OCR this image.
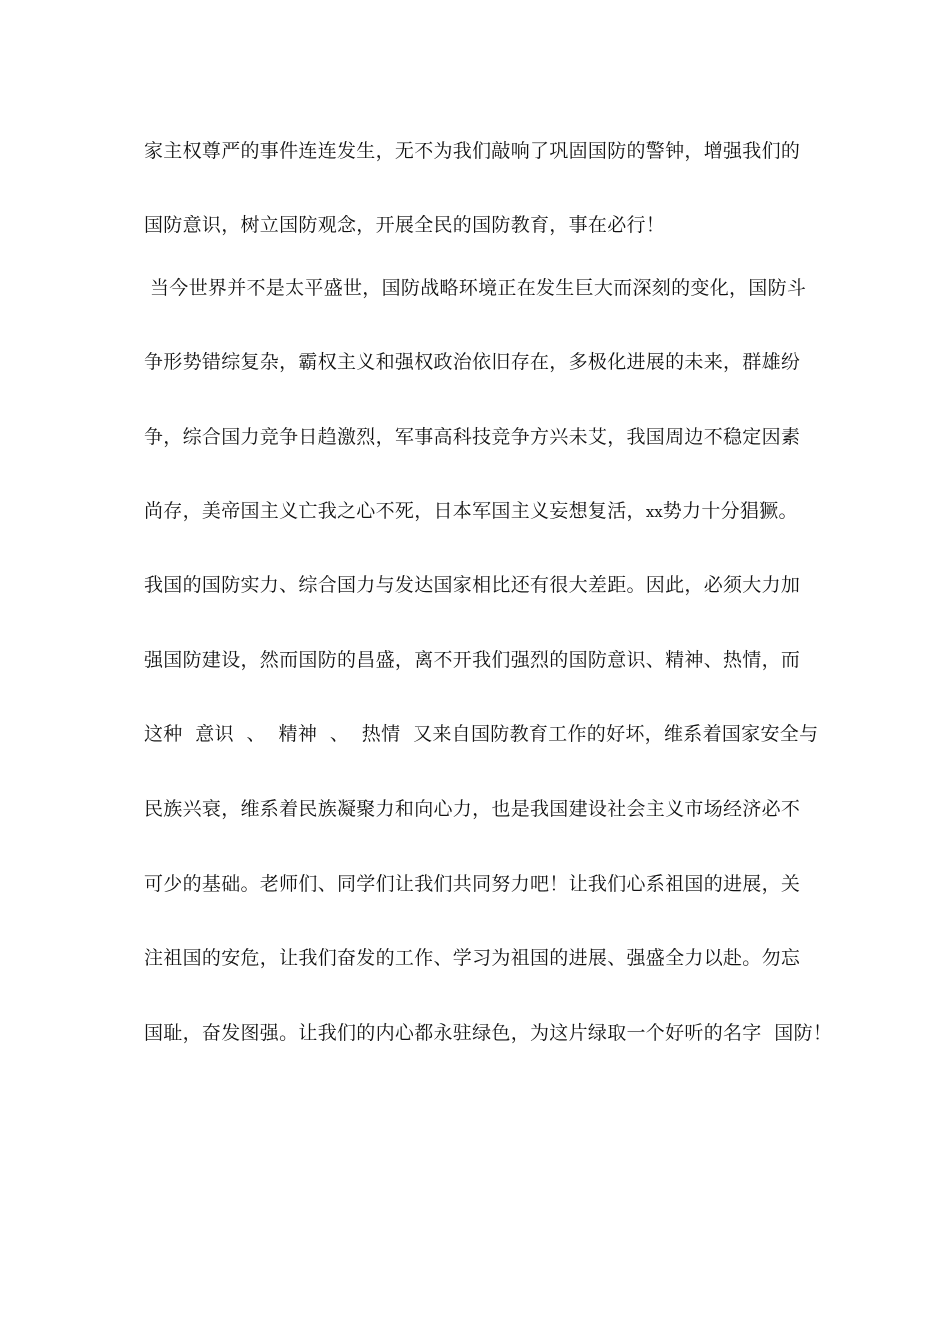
家主权尊严的事件连连发生，无不为我们敲响了巩固国防的警钟，增强我们的
国防意识，树立国防观念，开展全民的国防教育，事在必行！
当今世界并不是太平盛世，国防战略环境正在发生巨大而深刻的变化，国防斗
争形势错综复杂，霸权主义和强权政治依旧存在，多极化进展的未来，群雄纷
争，综合国力竞争日趋激烈，军事高科技竞争方兴未艾，我国周边不稳定因素
尚存，美帝国主义亡我之心不死，日本军国主义妄想复活，xx势力十分猖獗。
我国的国防实力、综合国力与发达国家相比还有很大差距。因此，必须大力加
强国防建设，然而国防的昌盛，离不开我们强烈的国防意识、精神、热情，而
这种  意识  、  精神  、  热情  又来自国防教育工作的好坏，维系着国家安全与
民族兴衰，维系着民族凝聚力和向心力，也是我国建设社会主义市场经济必不
可少的基础。老师们、同学们让我们共同努力吧！让我们心系祖国的进展，关
注祖国的安危，让我们奋发的工作、学习为祖国的进展、强盛全力以赴。勿忘
国耻，奋发图强。让我们的内心都永驻绿色，为这片绿取一个好听的名字  国防！
